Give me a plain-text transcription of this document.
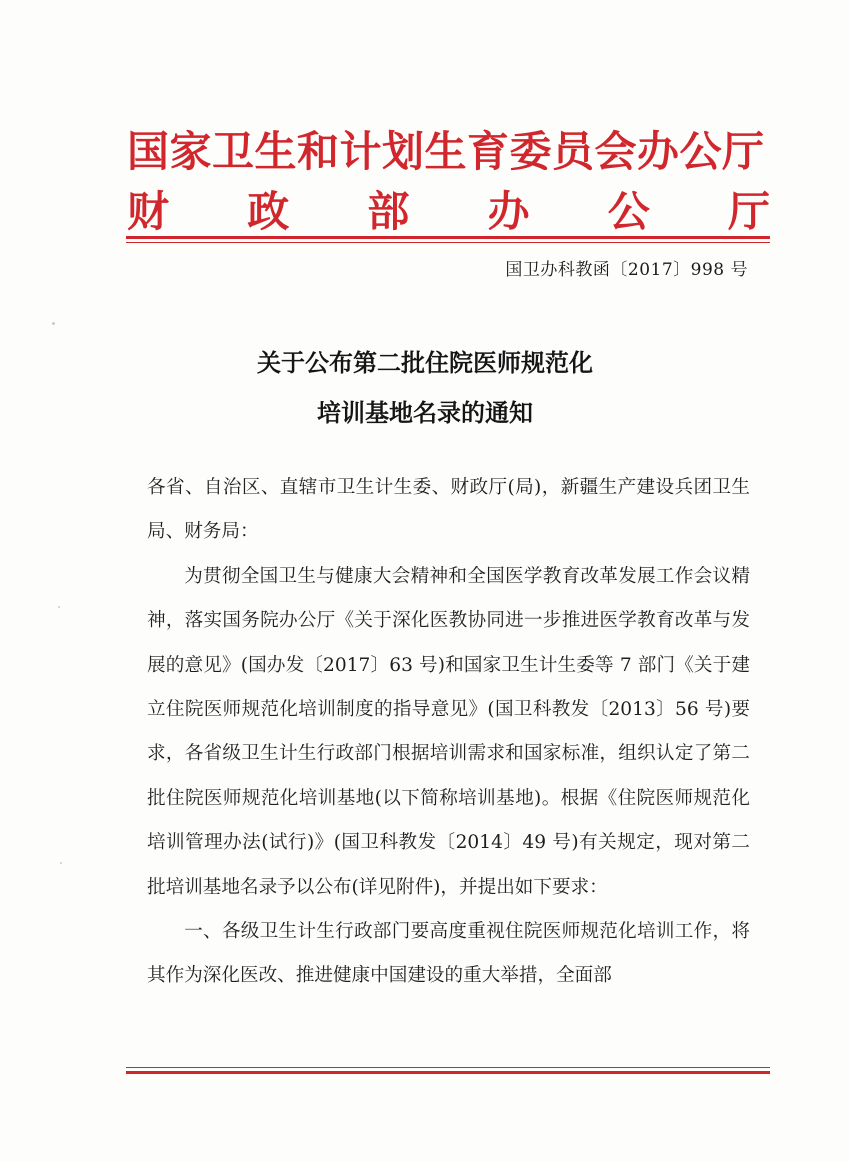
国家卫生和计划生育委员会办公厅
财 政 部 办 公 厅
国卫办科教函〔2017〕998 号
关于公布第二批住院医师规范化
培训基地名录的通知

各省、自治区、直辖市卫生计生委、财政厅(局)，新疆生产建设兵团卫生局、财务局：

为贯彻全国卫生与健康大会精神和全国医学教育改革发展工作会议精神，落实国务院办公厅《关于深化医教协同进一步推进医学教育改革与发展的意见》(国办发〔2017〕63 号)和国家卫生计生委等 7 部门《关于建立住院医师规范化培训制度的指导意见》(国卫科教发〔2013〕56 号)要求，各省级卫生计生行政部门根据培训需求和国家标准，组织认定了第二批住院医师规范化培训基地(以下简称培训基地)。根据《住院医师规范化培训管理办法(试行)》(国卫科教发〔2014〕49 号)有关规定，现对第二批培训基地名录予以公布(详见附件)，并提出如下要求：

一、各级卫生计生行政部门要高度重视住院医师规范化培训工作，将其作为深化医改、推进健康中国建设的重大举措，全面部
